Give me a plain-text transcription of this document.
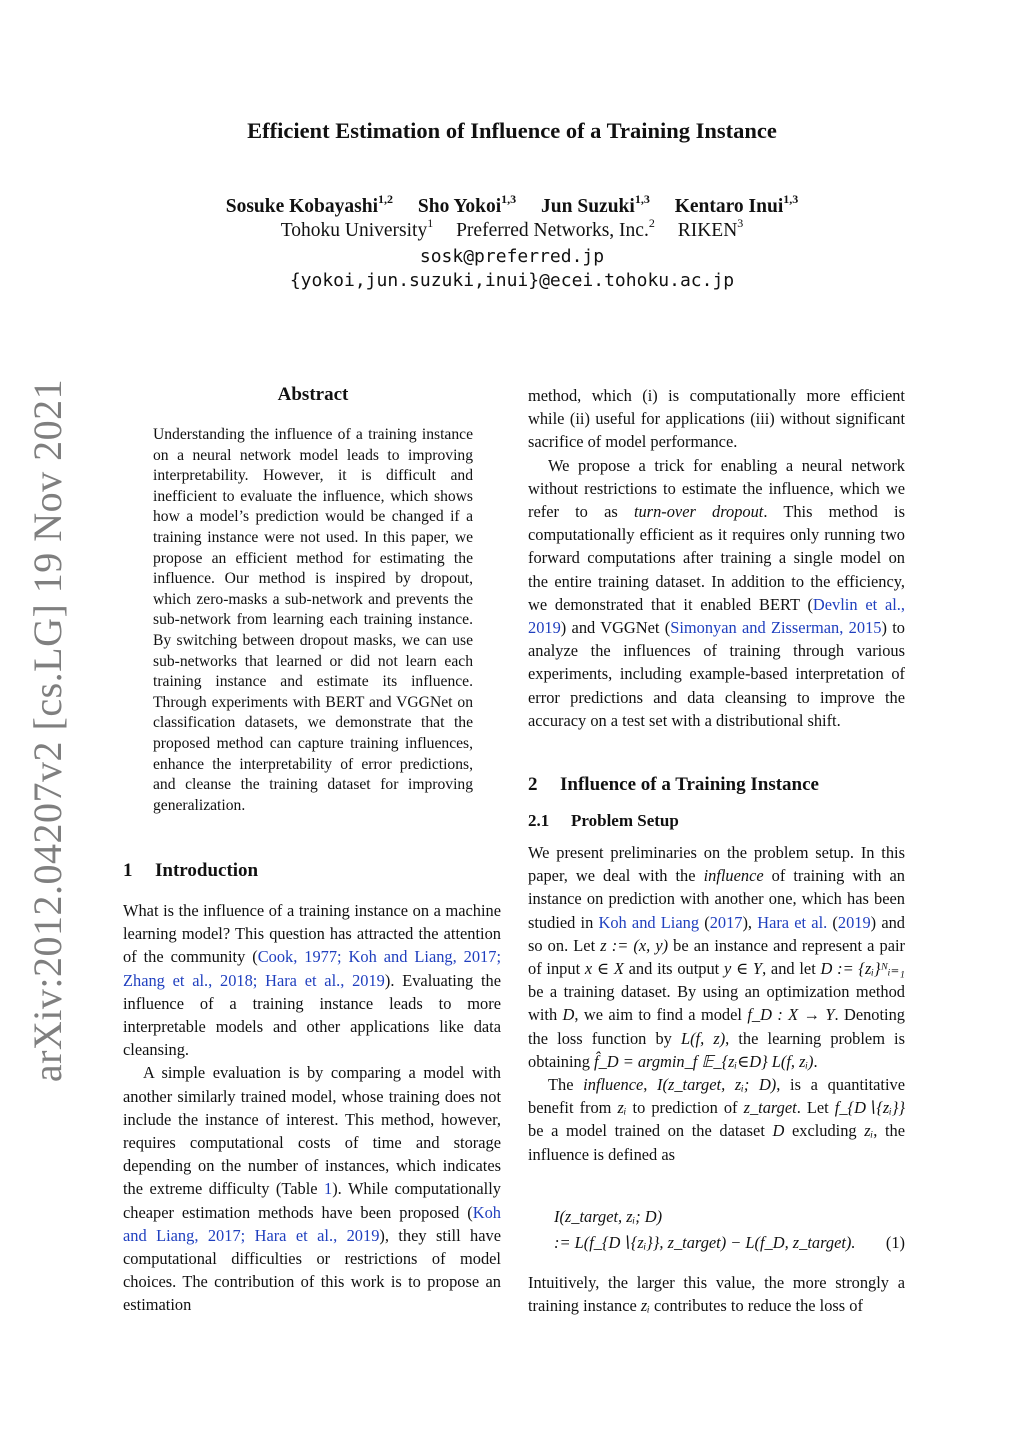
arXiv:2012.04207v2 [cs.LG] 19 Nov 2021
Efficient Estimation of Influence of a Training Instance
Sosuke Kobayashi$^{1,2}$ Sho Yokoi$^{1,3}$ Jun Suzuki$^{1,3}$ Kentaro Inui$^{1,3}$
Tohoku University$^1$ Preferred Networks, Inc.$^2$ RIKEN$^3$
sosk@preferred.jp
{yokoi,jun.suzuki,inui}@ecei.tohoku.ac.jp
Abstract

Understanding the influence of a training instance on a neural network model leads to improving interpretability. However, it is difficult and inefficient to evaluate the influence, which shows how a model’s prediction would be changed if a training instance were not used. In this paper, we propose an efficient method for estimating the influence. Our method is inspired by dropout, which zero-masks a sub-network and prevents the sub-network from learning each training instance. By switching between dropout masks, we can use sub-networks that learned or did not learn each training instance and estimate its influence. Through experiments with BERT and VGGNet on classification datasets, we demonstrate that the proposed method can capture training influences, enhance the interpretability of error predictions, and cleanse the training dataset for improving generalization.

1 Introduction

What is the influence of a training instance on a machine learning model? This question has attracted the attention of the community (Cook, 1977; Koh and Liang, 2017; Zhang et al., 2018; Hara et al., 2019). Evaluating the influence of a training instance leads to more interpretable models and other applications like data cleansing.

A simple evaluation is by comparing a model with another similarly trained model, whose training does not include the instance of interest. This method, however, requires computational costs of time and storage depending on the number of instances, which indicates the extreme difficulty (Table 1). While computationally cheaper estimation methods have been proposed (Koh and Liang, 2017; Hara et al., 2019), they still have computational difficulties or restrictions of model choices. The contribution of this work is to propose an estimation

method, which (i) is computationally more efficient while (ii) useful for applications (iii) without significant sacrifice of model performance.

We propose a trick for enabling a neural network without restrictions to estimate the influence, which we refer to as turn-over dropout. This method is computationally efficient as it requires only running two forward computations after training a single model on the entire training dataset. In addition to the efficiency, we demonstrated that it enabled BERT (Devlin et al., 2019) and VGGNet (Simonyan and Zisserman, 2015) to analyze the influences of training through various experiments, including example-based interpretation of error predictions and data cleansing to improve the accuracy on a test set with a distributional shift.

2 Influence of a Training Instance
2.1 Problem Setup

We present preliminaries on the problem setup. In this paper, we deal with the influence of training with an instance on prediction with another one, which has been studied in Koh and Liang (2017), Hara et al. (2019) and so on. Let z := (x, y) be an instance and represent a pair of input x ∈ X and its output y ∈ Y, and let D := {zᵢ}ᴺᵢ₌₁ be a training dataset. By using an optimization method with D, we aim to find a model f_D : X → Y. Denoting the loss function by L(f, z), the learning problem is obtaining f̂_D = argmin_f 𝔼_{zᵢ∈D} L(f, zᵢ).

The influence, I(z_target, zᵢ; D), is a quantitative benefit from zᵢ to prediction of z_target. Let f_{D∖{zᵢ}} be a model trained on the dataset D excluding zᵢ, the influence is defined as

I(z_target, zᵢ; D)
:= L(f_{D∖{zᵢ}}, z_target) − L(f_D, z_target).	(1)

Intuitively, the larger this value, the more strongly a training instance zᵢ contributes to reduce the loss of
